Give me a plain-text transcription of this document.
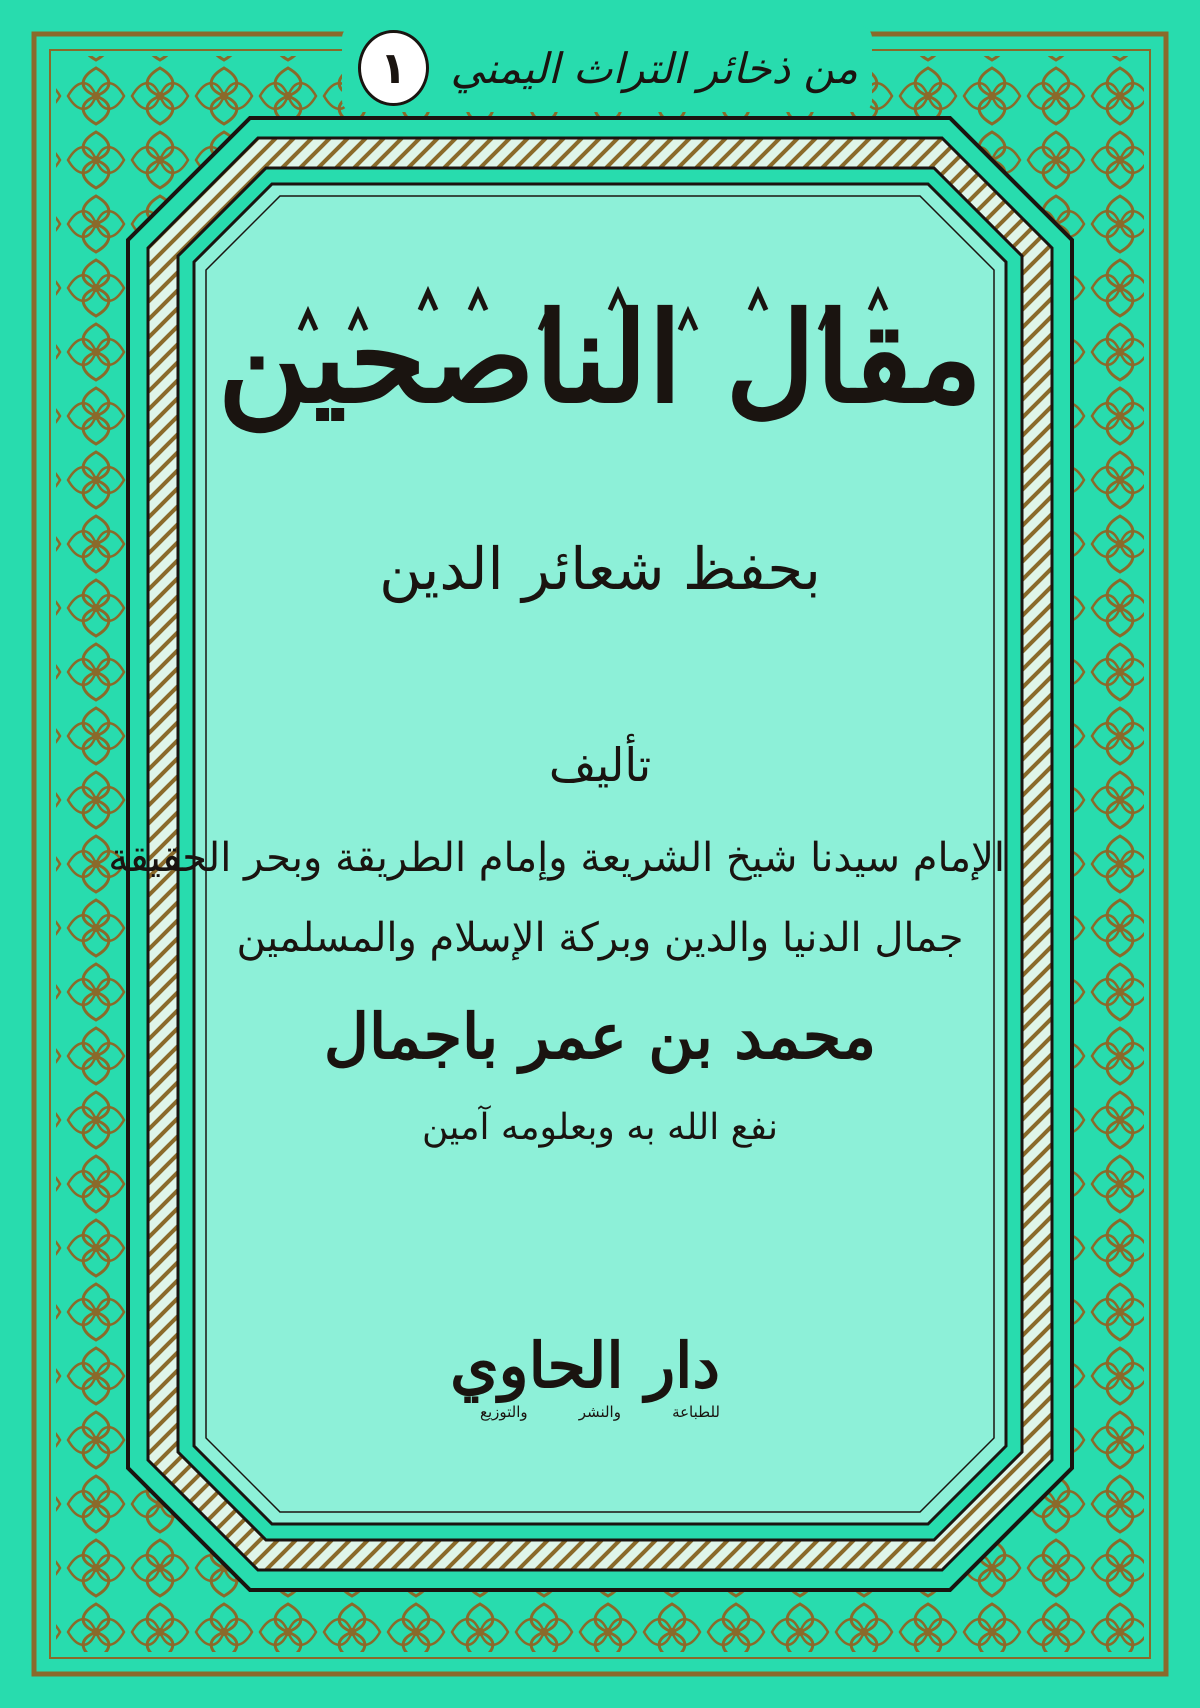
من ذخائر التراث اليمني
١
مقال الناصحين
بحفظ شعائر الدين
تأليف
الإمام سيدنا شيخ الشريعة وإمام الطريقة وبحر الحقيقة
جمال الدنيا والدين وبركة الإسلام والمسلمين
محمد بن عمر باجمال
نفع الله به وبعلومه آمين
دار الحاوي
للطباعة
والنشر
والتوزيع
